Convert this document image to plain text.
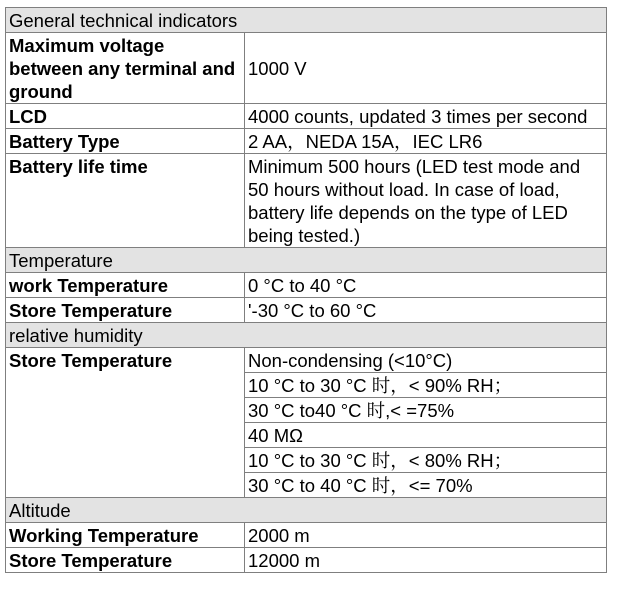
General technical indicators	
Maximum voltage between any terminal and ground	1000 V
LCD	4000 counts, updated 3 times per second
Battery Type	2 AA，NEDA 15A，IEC LR6
Battery life time	Minimum 500 hours (LED test mode and 50 hours without load. In case of load, battery life depends on the type of LED being tested.)
Temperature	
work Temperature	0 °C to 40 °C
Store Temperature	'-30 °C to 60 °C
relative humidity	
Store Temperature	Non-condensing (<10°C)
	10 °C to 30 °C 时，< 90% RH；
	30 °C to40 °C 时,< =75%
	40 MΩ
	10 °C to 30 °C 时，< 80% RH；
	30 °C to 40 °C 时，<= 70%
Altitude	
Working Temperature	2000 m
Store Temperature	12000 m
